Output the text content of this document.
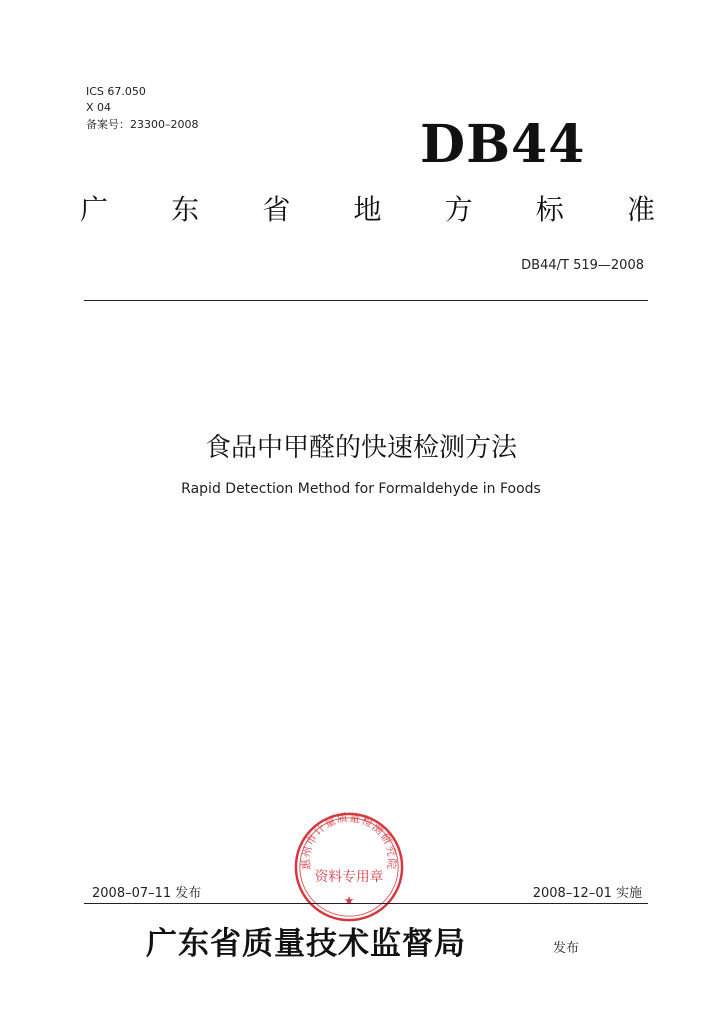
ICS 67.050
X 04
备案号：23300–2008	DB44
广 东 省 地 方 标 准
DB44/T 519—2008
食品中甲醛的快速检测方法
Rapid Detection Method for Formaldehyde in Foods
惠州市计量质量检测研究院
资料专用章
★
2008–07–11 发布	2008–12–01 实施
广东省质量技术监督局	发布
